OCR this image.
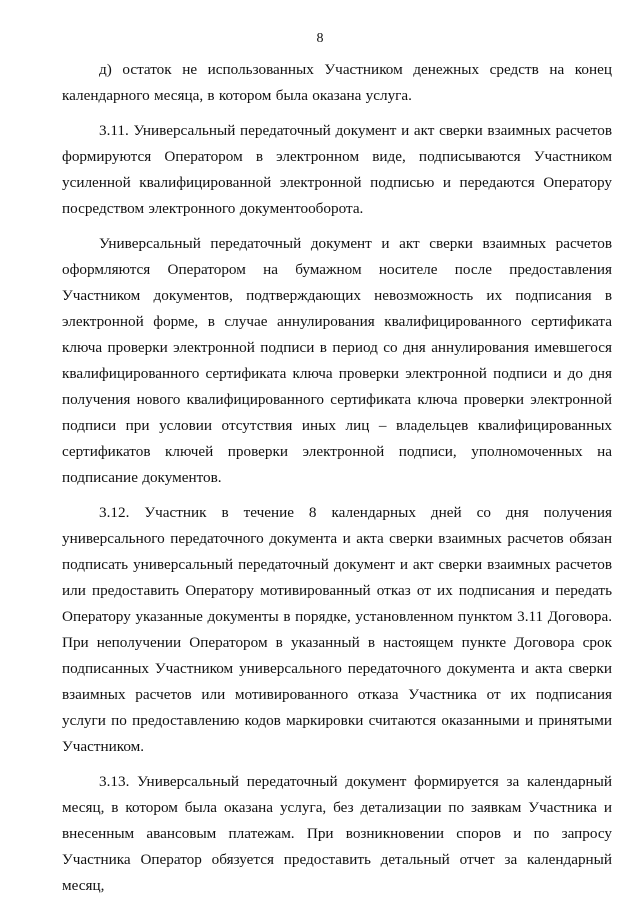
8

д) остаток не использованных Участником денежных средств на конец календарного месяца, в котором была оказана услуга.

3.11. Универсальный передаточный документ и акт сверки взаимных расчетов формируются Оператором в электронном виде, подписываются Участником усиленной квалифицированной электронной подписью и передаются Оператору посредством электронного документооборота.

Универсальный передаточный документ и акт сверки взаимных расчетов оформляются Оператором на бумажном носителе после предоставления Участником документов, подтверждающих невозможность их подписания в электронной форме, в случае аннулирования квалифицированного сертификата ключа проверки электронной подписи в период со дня аннулирования имевшегося квалифицированного сертификата ключа проверки электронной подписи и до дня получения нового квалифицированного сертификата ключа проверки электронной подписи при условии отсутствия иных лиц – владельцев квалифицированных сертификатов ключей проверки электронной подписи, уполномоченных на подписание документов.

3.12. Участник в течение 8 календарных дней со дня получения универсального передаточного документа и акта сверки взаимных расчетов обязан подписать универсальный передаточный документ и акт сверки взаимных расчетов или предоставить Оператору мотивированный отказ от их подписания и передать Оператору указанные документы в порядке, установленном пунктом 3.11 Договора. При неполучении Оператором в указанный в настоящем пункте Договора срок подписанных Участником универсального передаточного документа и акта сверки взаимных расчетов или мотивированного отказа Участника от их подписания услуги по предоставлению кодов маркировки считаются оказанными и принятыми Участником.

3.13. Универсальный передаточный документ формируется за календарный месяц, в котором была оказана услуга, без детализации по заявкам Участника и внесенным авансовым платежам. При возникновении споров и по запросу Участника Оператор обязуется предоставить детальный отчет за календарный месяц,
